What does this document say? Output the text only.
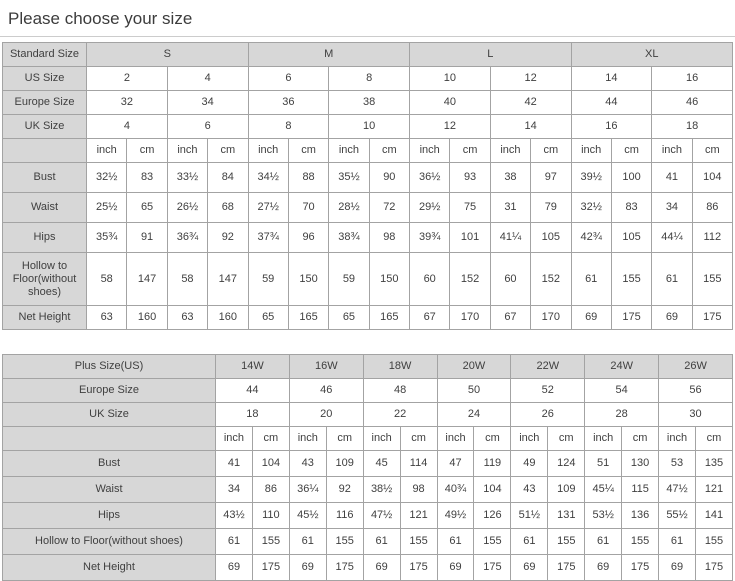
Please choose your size
Standard Size	S				M				L				XL			
US Size	2		4		6		8		10		12		14		16	
Europe Size	32		34		36		38		40		42		44		46	
UK Size	4		6		8		10		12		14		16		18	
	inch	cm	inch	cm	inch	cm	inch	cm	inch	cm	inch	cm	inch	cm	inch	cm
Bust	32½	83	33½	84	34½	88	35½	90	36½	93	38	97	39½	100	41	104
Waist	25½	65	26½	68	27½	70	28½	72	29½	75	31	79	32½	83	34	86
Hips	35¾	91	36¾	92	37¾	96	38¾	98	39¾	101	41¼	105	42¾	105	44¼	112
Hollow to Floor(without shoes)	58	147	58	147	59	150	59	150	60	152	60	152	61	155	61	155
Net Height	63	160	63	160	65	165	65	165	67	170	67	170	69	175	69	175
Plus Size(US)	14W		16W		18W		20W		22W		24W		26W	
Europe Size	44		46		48		50		52		54		56	
UK Size	18		20		22		24		26		28		30	
	inch	cm	inch	cm	inch	cm	inch	cm	inch	cm	inch	cm	inch	cm
Bust	41	104	43	109	45	114	47	119	49	124	51	130	53	135
Waist	34	86	36¼	92	38½	98	40¾	104	43	109	45¼	115	47½	121
Hips	43½	110	45½	116	47½	121	49½	126	51½	131	53½	136	55½	141
Hollow to Floor(without shoes)	61	155	61	155	61	155	61	155	61	155	61	155	61	155
Net Height	69	175	69	175	69	175	69	175	69	175	69	175	69	175
